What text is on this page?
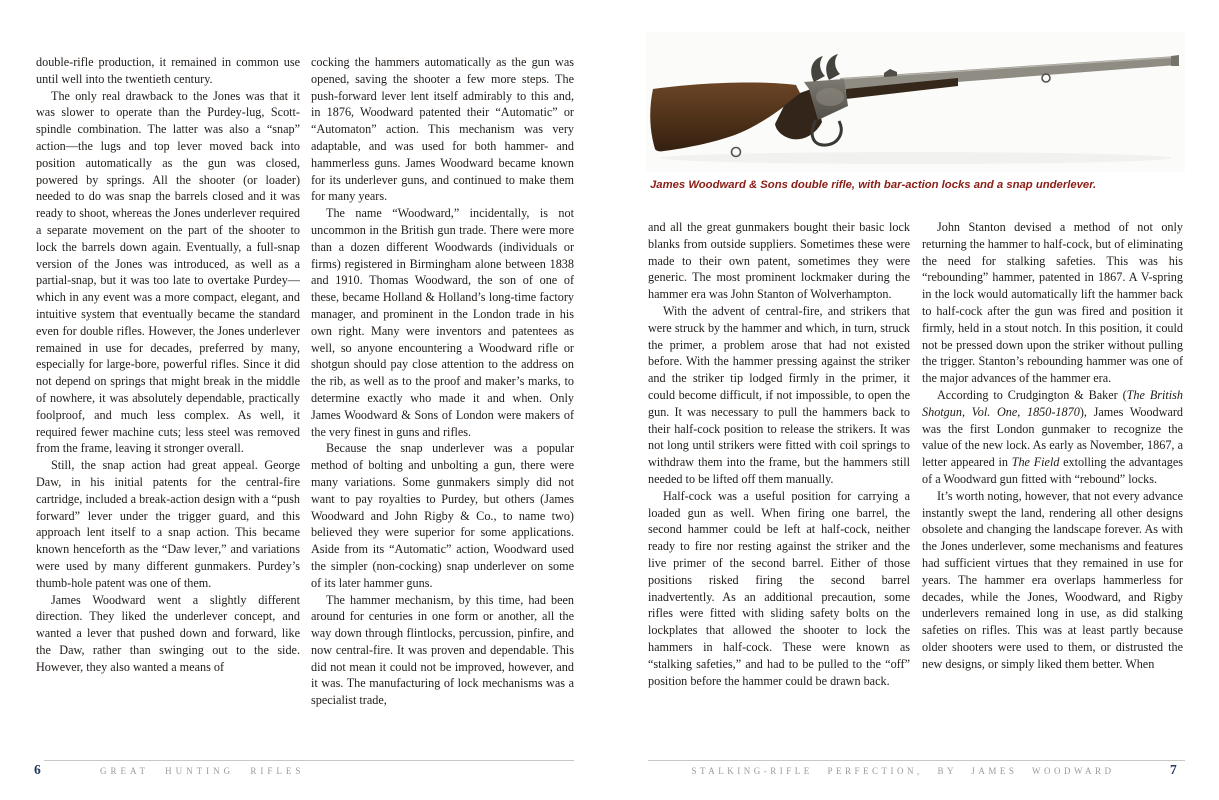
double-rifle production, it remained in common use until well into the twentieth century.

The only real drawback to the Jones was that it was slower to operate than the Purdey-lug, Scott-spindle combination. The latter was also a “snap” action—the lugs and top lever moved back into position automatically as the gun was closed, powered by springs. All the shooter (or loader) needed to do was snap the barrels closed and it was ready to shoot, whereas the Jones underlever required a separate movement on the part of the shooter to lock the barrels down again. Eventually, a full-snap version of the Jones was introduced, as well as a partial-snap, but it was too late to overtake Purdey—which in any event was a more compact, elegant, and intuitive system that eventually became the standard even for double rifles. However, the Jones underlever remained in use for decades, preferred by many, especially for large-bore, powerful rifles. Since it did not depend on springs that might break in the middle of nowhere, it was absolutely dependable, practically foolproof, and much less complex. As well, it required fewer machine cuts; less steel was removed from the frame, leaving it stronger overall.

Still, the snap action had great appeal. George Daw, in his initial patents for the central-fire cartridge, included a break-action design with a “push forward” lever under the trigger guard, and this approach lent itself to a snap action. This became known henceforth as the “Daw lever,” and variations were used by many different gunmakers. Purdey’s thumb-hole patent was one of them.

James Woodward went a slightly different direction. They liked the underlever concept, and wanted a lever that pushed down and forward, like the Daw, rather than swinging out to the side. However, they also wanted a means of

cocking the hammers automatically as the gun was opened, saving the shooter a few more steps. The push-forward lever lent itself admirably to this and, in 1876, Woodward patented their “Automatic” or “Automaton” action. This mechanism was very adaptable, and was used for both hammer- and hammerless guns. James Woodward became known for its underlever guns, and continued to make them for many years.

The name “Woodward,” incidentally, is not uncommon in the British gun trade. There were more than a dozen different Woodwards (individuals or firms) registered in Birmingham alone between 1838 and 1910. Thomas Woodward, the son of one of these, became Holland & Holland’s long-time factory manager, and prominent in the London trade in his own right. Many were inventors and patentees as well, so anyone encountering a Woodward rifle or shotgun should pay close attention to the address on the rib, as well as to the proof and maker’s marks, to determine exactly who made it and when. Only James Woodward & Sons of London were makers of the very finest in guns and rifles.

Because the snap underlever was a popular method of bolting and unbolting a gun, there were many variations. Some gunmakers simply did not want to pay royalties to Purdey, but others (James Woodward and John Rigby & Co., to name two) believed they were superior for some applications. Aside from its “Automatic” action, Woodward used the simpler (non-cocking) snap underlever on some of its later hammer guns.

The hammer mechanism, by this time, had been around for centuries in one form or another, all the way down through flintlocks, percussion, pinfire, and now central-fire. It was proven and dependable. This did not mean it could not be improved, however, and it was. The manufacturing of lock mechanisms was a specialist trade,

James Woodward & Sons double rifle, with bar-action locks and a snap underlever.

and all the great gunmakers bought their basic lock blanks from outside suppliers. Sometimes these were made to their own patent, sometimes they were generic. The most prominent lockmaker during the hammer era was John Stanton of Wolverhampton.

With the advent of central-fire, and strikers that were struck by the hammer and which, in turn, struck the primer, a problem arose that had not existed before. With the hammer pressing against the striker and the striker tip lodged firmly in the primer, it could become difficult, if not impossible, to open the gun. It was necessary to pull the hammers back to their half-cock position to release the strikers. It was not long until strikers were fitted with coil springs to withdraw them into the frame, but the hammers still needed to be lifted off them manually.

Half-cock was a useful position for carrying a loaded gun as well. When firing one barrel, the second hammer could be left at half-cock, neither ready to fire nor resting against the striker and the live primer of the second barrel. Either of those positions risked firing the second barrel inadvertently. As an additional precaution, some rifles were fitted with sliding safety bolts on the lockplates that allowed the shooter to lock the hammers in half-cock. These were known as “stalking safeties,” and had to be pulled to the “off” position before the hammer could be drawn back.

John Stanton devised a method of not only returning the hammer to half-cock, but of eliminating the need for stalking safeties. This was his “rebounding” hammer, patented in 1867. A V-spring in the lock would automatically lift the hammer back to half-cock after the gun was fired and position it firmly, held in a stout notch. In this position, it could not be pressed down upon the striker without pulling the trigger. Stanton’s rebounding hammer was one of the major advances of the hammer era.

According to Crudgington & Baker (The British Shotgun, Vol. One, 1850-1870), James Woodward was the first London gunmaker to recognize the value of the new lock. As early as November, 1867, a letter appeared in The Field extolling the advantages of a Woodward gun fitted with “rebound” locks.

It’s worth noting, however, that not every advance instantly swept the land, rendering all other designs obsolete and changing the landscape forever. As with the Jones underlever, some mechanisms and features had sufficient virtues that they remained in use for years. The hammer era overlaps hammerless for decades, while the Jones, Woodward, and Rigby underlevers remained long in use, as did stalking safeties on rifles. This was at least partly because older shooters were used to them, or distrusted the new designs, or simply liked them better. When

6	GREAT HUNTING RIFLES	STALKING-RIFLE PERFECTION, BY JAMES WOODWARD	7
